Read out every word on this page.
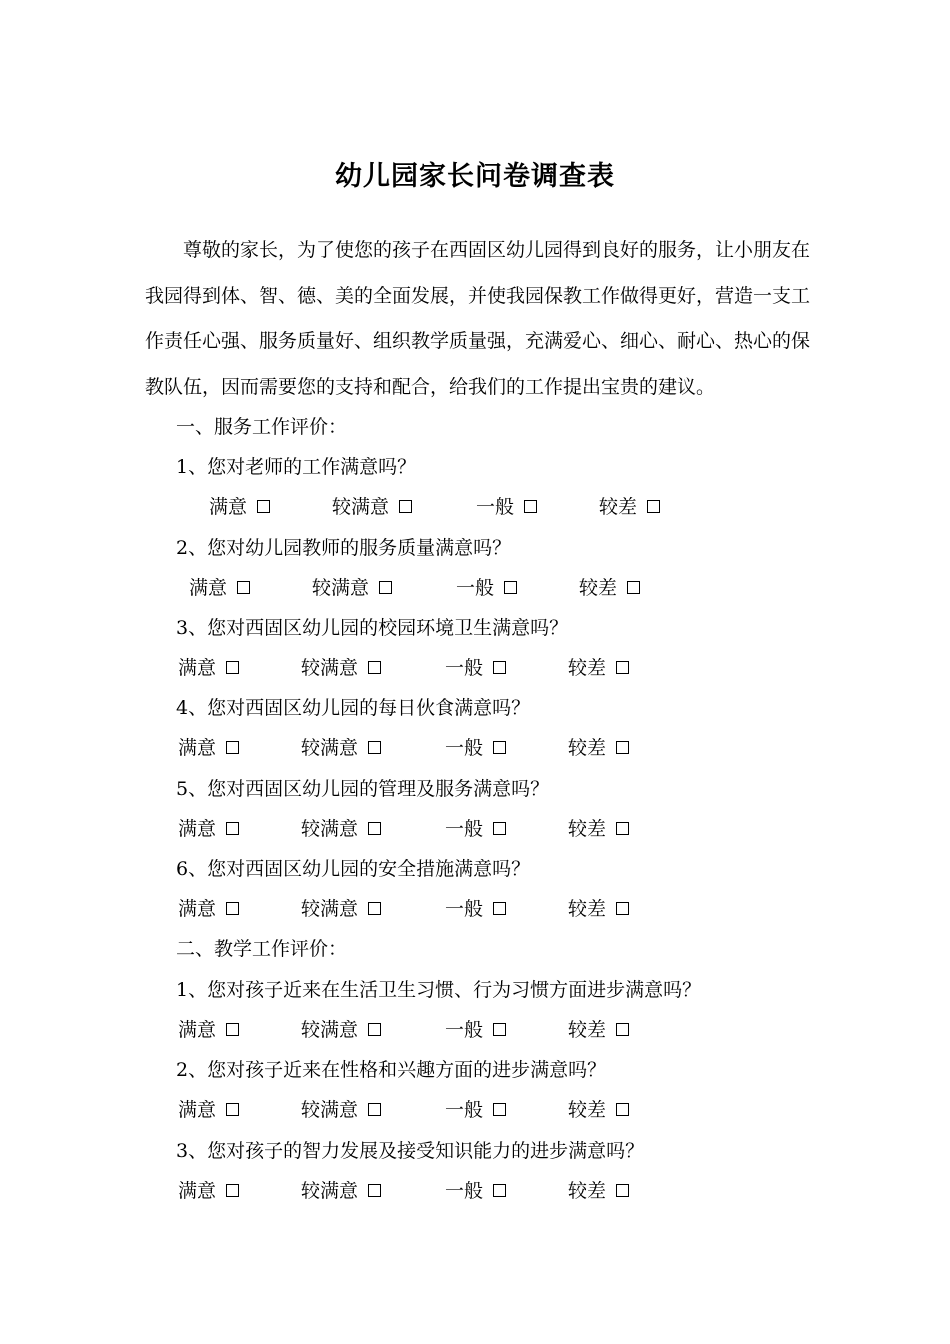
幼儿园家长问卷调查表
尊敬的家长，为了使您的孩子在西固区幼儿园得到良好的服务，让小朋友在我园得到体、智、德、美的全面发展，并使我园保教工作做得更好，营造一支工作责任心强、服务质量好、组织教学质量强，充满爱心、细心、耐心、热心的保教队伍，因而需要您的支持和配合，给我们的工作提出宝贵的建议。
一、服务工作评价：
1、您对老师的工作满意吗？
满意	较满意	一般	较差
2、您对幼儿园教师的服务质量满意吗？
满意	较满意	一般	较差
3、您对西固区幼儿园的校园环境卫生满意吗？
满意	较满意	一般	较差
4、您对西固区幼儿园的每日伙食满意吗？
满意	较满意	一般	较差
5、您对西固区幼儿园的管理及服务满意吗？
满意	较满意	一般	较差
6、您对西固区幼儿园的安全措施满意吗？
满意	较满意	一般	较差
二、教学工作评价：
1、您对孩子近来在生活卫生习惯、行为习惯方面进步满意吗？
满意	较满意	一般	较差
2、您对孩子近来在性格和兴趣方面的进步满意吗？
满意	较满意	一般	较差
3、您对孩子的智力发展及接受知识能力的进步满意吗？
满意	较满意	一般	较差
